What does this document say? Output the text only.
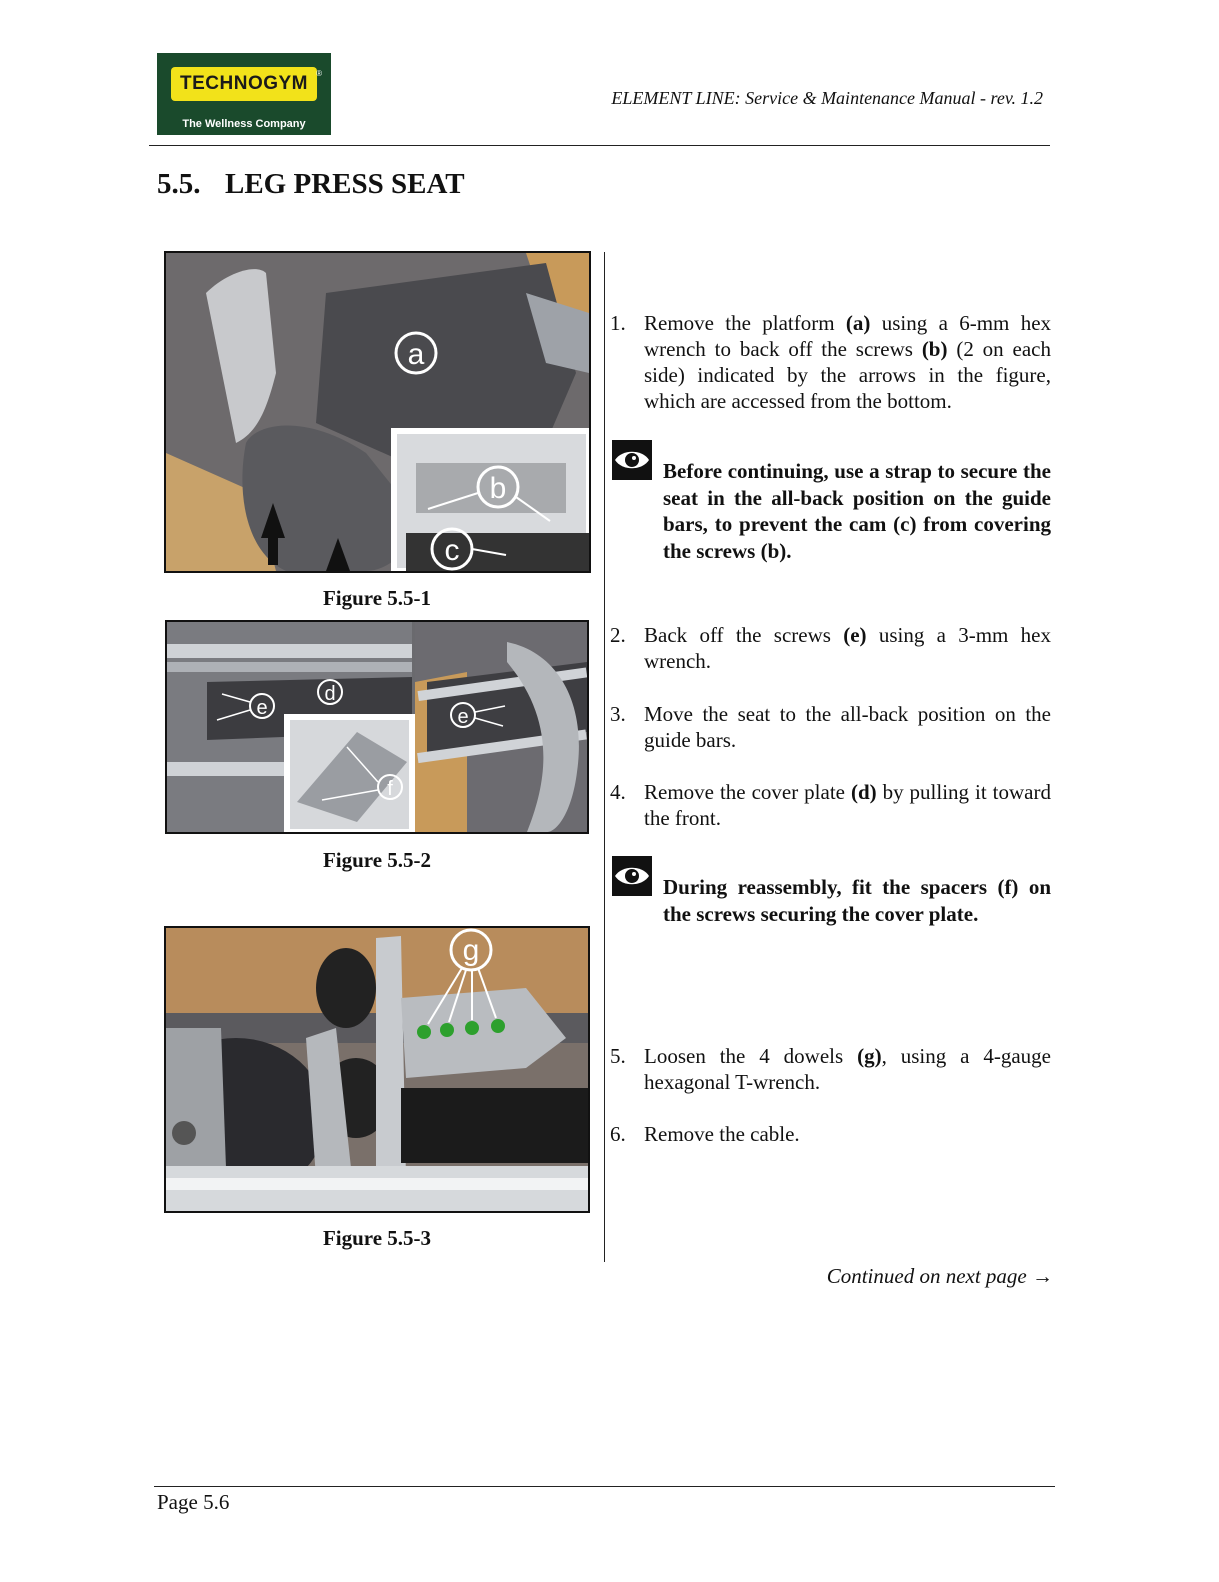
TECHNOGYM ®
The Wellness Company
ELEMENT LINE: Service & Maintenance Manual - rev. 1.2
5.5. LEG PRESS SEAT
a
b
c
Figure 5.5-1
e
d
e
f
Figure 5.5-2
g
Figure 5.5-3
1. Remove the platform (a) using a 6-mm hex wrench to back off the screws (b) (2 on each side) indicated by the arrows in the figure, which are accessed from the bottom.
Before continuing, use a strap to secure the seat in the all-back position on the guide bars, to prevent the cam (c) from covering the screws (b).
2. Back off the screws (e) using a 3-mm hex wrench.
3. Move the seat to the all-back position on the guide bars.
4. Remove the cover plate (d) by pulling it toward the front.
During reassembly, fit the spacers (f) on the screws securing the cover plate.
5. Loosen the 4 dowels (g), using a 4-gauge hexagonal T-wrench.
6. Remove the cable.
Continued on next page →
Page 5.6
